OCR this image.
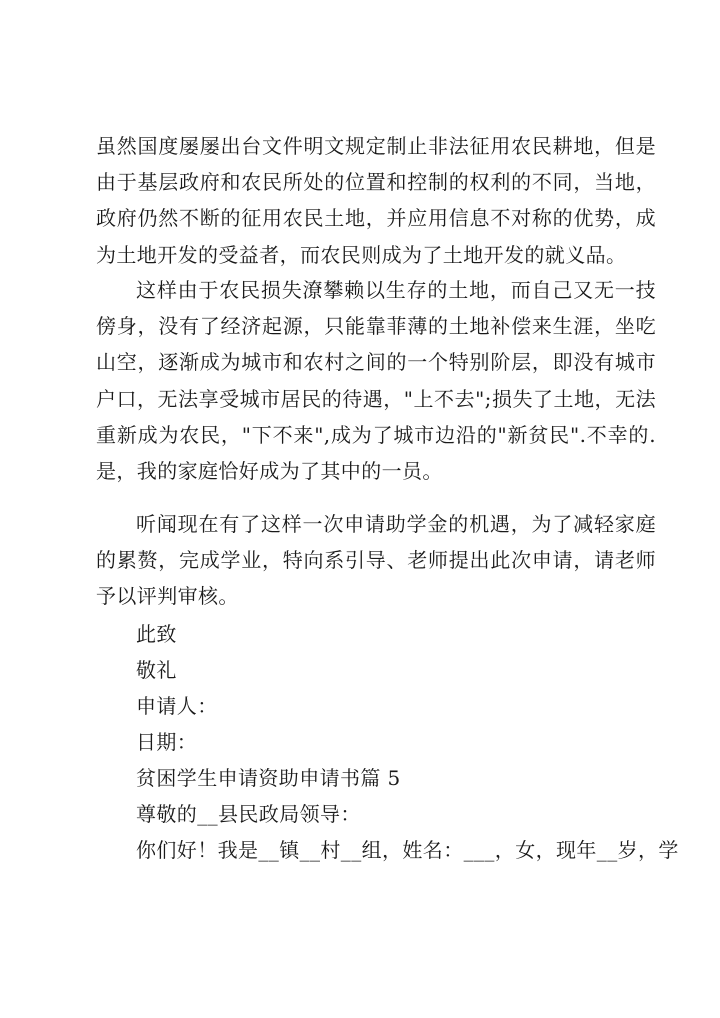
虽然国度屡屡出台文件明文规定制止非法征用农民耕地，但是由于基层政府和农民所处的位置和控制的权利的不同，当地，政府仍然不断的征用农民土地，并应用信息不对称的优势，成为土地开发的受益者，而农民则成为了土地开发的就义品。

这样由于农民损失潦攀赖以生存的土地，而自己又无一技傍身，没有了经济起源，只能靠菲薄的土地补偿来生涯，坐吃山空，逐渐成为城市和农村之间的一个特别阶层，即没有城市户口，无法享受城市居民的待遇，"上不去";损失了土地，无法重新成为农民，"下不来",成为了城市边沿的"新贫民".不幸的.是，我的家庭恰好成为了其中的一员。

听闻现在有了这样一次申请助学金的机遇，为了减轻家庭的累赘，完成学业，特向系引导、老师提出此次申请，请老师予以评判审核。

此致

敬礼

申请人：

日期：

贫困学生申请资助申请书篇 5

尊敬的__县民政局领导：

你们好！我是__镇__村__组，姓名：___，女，现年__岁，学
